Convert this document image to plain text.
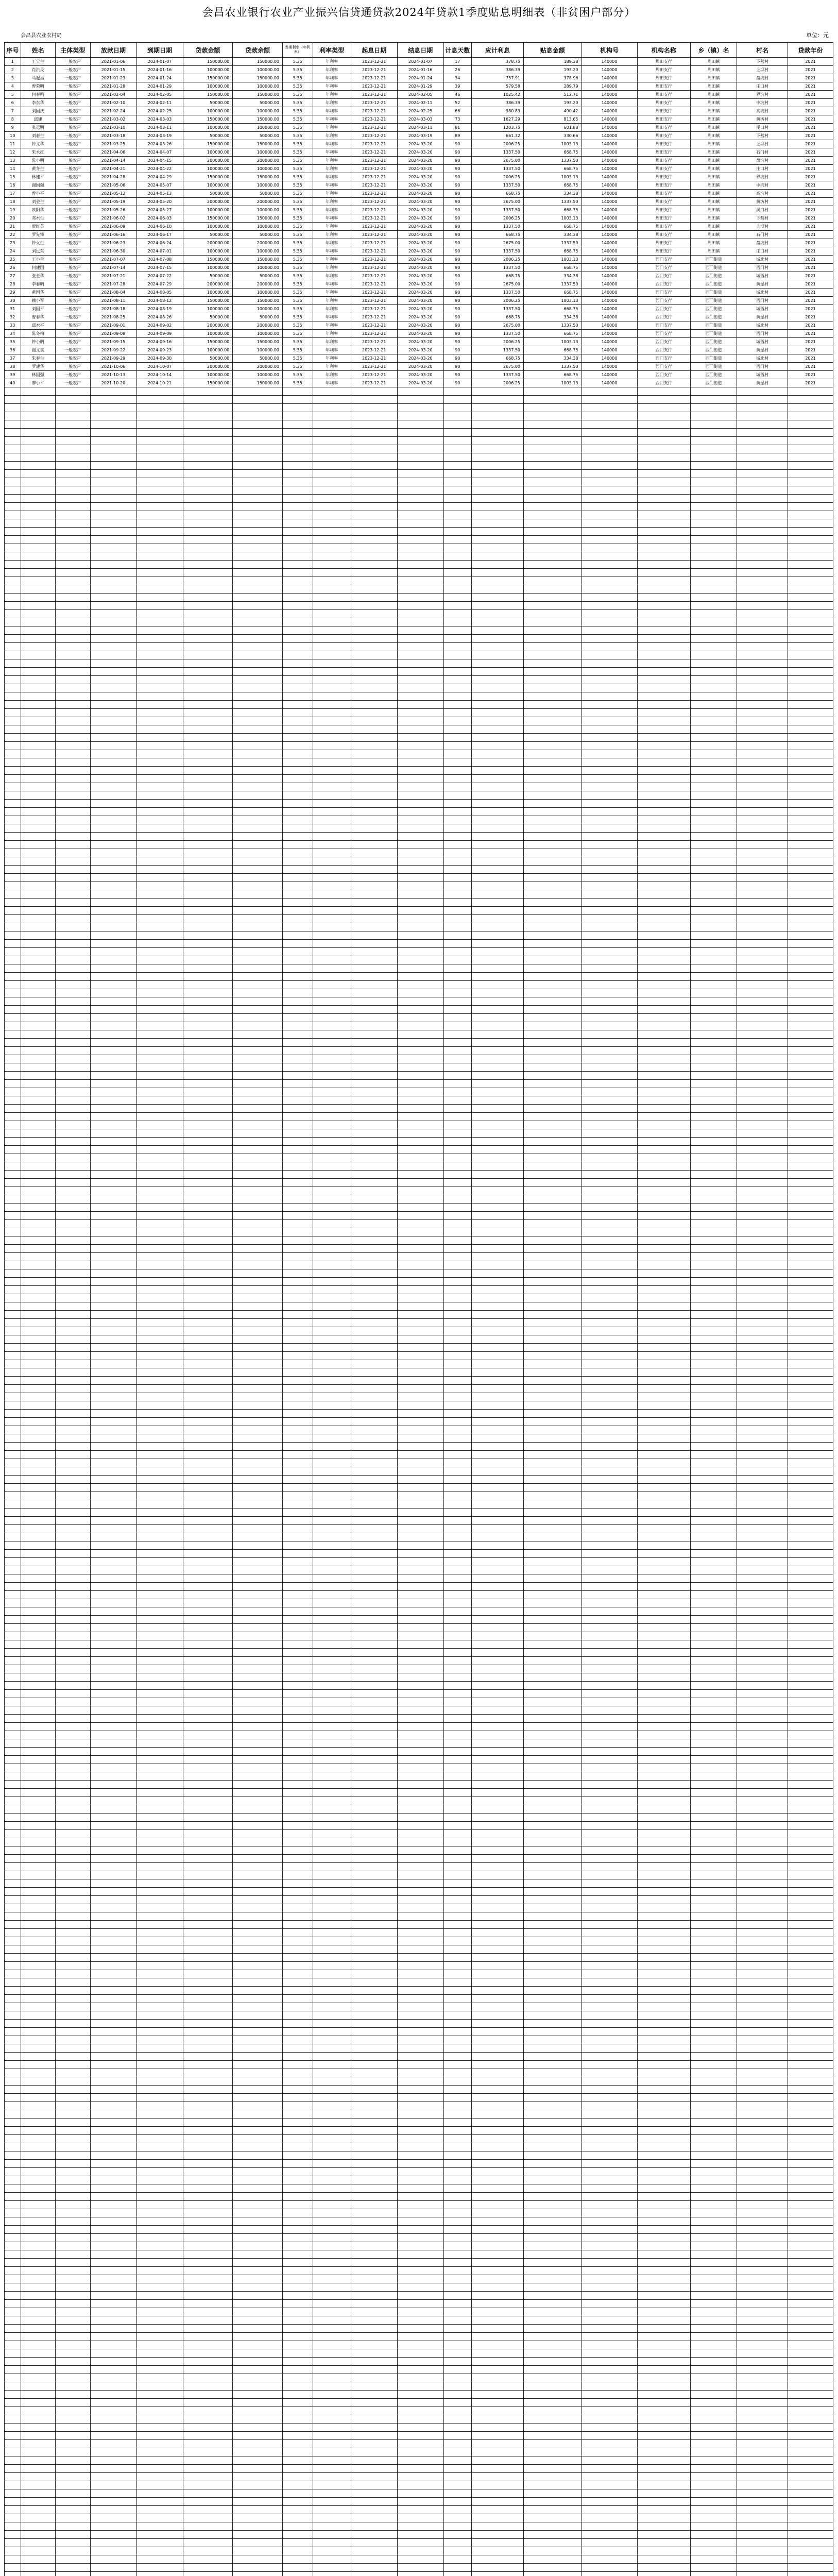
会昌农业银行农业产业振兴信贷通贷款2024年贷款1季度贴息明细表（非贫困户部分）
会昌县农业农村局	单位：元
序号	姓名	主体类型	放款日期	到期日期	贷款金额	贷款余额	当期利率（年利率）	利率类型	起息日期	结息日期	计息天数	应计利息	贴息金额	机构号	机构名称	乡（镇）名	村名	贷款年份
1	王宝生	一般农户	2021-01-06	2024-01-07	150000.00	150000.00	5.35	年利率	2023-12-21	2024-01-07	17	378.75	189.38	140000	周田支行	周田镇	下营村	2021
2	肖洪灵	一般农户	2021-01-15	2024-01-16	100000.00	100000.00	5.35	年利率	2023-12-21	2024-01-16	26	386.39	193.20	140000	周田支行	周田镇	上坝村	2021
3	马起昌	一般农户	2021-01-23	2024-01-24	150000.00	150000.00	5.35	年利率	2023-12-21	2024-01-24	34	757.91	378.96	140000	周田支行	周田镇	盘坑村	2021
4	曾荣明	一般农户	2021-01-28	2024-01-29	100000.00	100000.00	5.35	年利率	2023-12-21	2024-01-29	39	579.58	289.79	140000	周田支行	周田镇	庄口村	2021
5	何春鸣	一般农户	2021-02-04	2024-02-05	150000.00	150000.00	5.35	年利率	2023-12-21	2024-02-05	46	1025.42	512.71	140000	周田支行	周田镇	界坑村	2021
6	李东华	一般农户	2021-02-10	2024-02-11	50000.00	50000.00	5.35	年利率	2023-12-21	2024-02-11	52	386.39	193.20	140000	周田支行	周田镇	中坑村	2021
7	刘国庆	一般农户	2021-02-24	2024-02-25	100000.00	100000.00	5.35	年利率	2023-12-21	2024-02-25	66	980.83	490.42	140000	周田支行	周田镇	高坑村	2021
8	邱建	一般农户	2021-03-02	2024-03-03	150000.00	150000.00	5.35	年利率	2023-12-21	2024-03-03	73	1627.29	813.65	140000	周田支行	周田镇	黄坊村	2021
9	张远明	一般农户	2021-03-10	2024-03-11	100000.00	100000.00	5.35	年利率	2023-12-21	2024-03-11	81	1203.75	601.88	140000	周田支行	周田镇	溪口村	2021
10	刘春生	一般农户	2021-03-18	2024-03-19	50000.00	50000.00	5.35	年利率	2023-12-21	2024-03-19	89	661.32	330.66	140000	周田支行	周田镇	下营村	2021
11	钟文华	一般农户	2021-03-25	2024-03-26	150000.00	150000.00	5.35	年利率	2023-12-21	2024-03-20	90	2006.25	1003.13	140000	周田支行	周田镇	上坝村	2021
12	朱永红	一般农户	2021-04-06	2024-04-07	100000.00	100000.00	5.35	年利率	2023-12-21	2024-03-20	90	1337.50	668.75	140000	周田支行	周田镇	石门村	2021
13	陈小明	一般农户	2021-04-14	2024-04-15	200000.00	200000.00	5.35	年利率	2023-12-21	2024-03-20	90	2675.00	1337.50	140000	周田支行	周田镇	盘坑村	2021
14	黄冬生	一般农户	2021-04-21	2024-04-22	100000.00	100000.00	5.35	年利率	2023-12-21	2024-03-20	90	1337.50	668.75	140000	周田支行	周田镇	庄口村	2021
15	林建平	一般农户	2021-04-28	2024-04-29	150000.00	150000.00	5.35	年利率	2023-12-21	2024-03-20	90	2006.25	1003.13	140000	周田支行	周田镇	界坑村	2021
16	谢国强	一般农户	2021-05-06	2024-05-07	100000.00	100000.00	5.35	年利率	2023-12-21	2024-03-20	90	1337.50	668.75	140000	周田支行	周田镇	中坑村	2021
17	曾小平	一般农户	2021-05-12	2024-05-13	50000.00	50000.00	5.35	年利率	2023-12-21	2024-03-20	90	668.75	334.38	140000	周田支行	周田镇	高坑村	2021
18	刘金生	一般农户	2021-05-19	2024-05-20	200000.00	200000.00	5.35	年利率	2023-12-21	2024-03-20	90	2675.00	1337.50	140000	周田支行	周田镇	黄坊村	2021
19	欧阳华	一般农户	2021-05-26	2024-05-27	100000.00	100000.00	5.35	年利率	2023-12-21	2024-03-20	90	1337.50	668.75	140000	周田支行	周田镇	溪口村	2021
20	邓水生	一般农户	2021-06-02	2024-06-03	150000.00	150000.00	5.35	年利率	2023-12-21	2024-03-20	90	2006.25	1003.13	140000	周田支行	周田镇	下营村	2021
21	廖红英	一般农户	2021-06-09	2024-06-10	100000.00	100000.00	5.35	年利率	2023-12-21	2024-03-20	90	1337.50	668.75	140000	周田支行	周田镇	上坝村	2021
22	罗先锋	一般农户	2021-06-16	2024-06-17	50000.00	50000.00	5.35	年利率	2023-12-21	2024-03-20	90	668.75	334.38	140000	周田支行	周田镇	石门村	2021
23	钟火生	一般农户	2021-06-23	2024-06-24	200000.00	200000.00	5.35	年利率	2023-12-21	2024-03-20	90	2675.00	1337.50	140000	周田支行	周田镇	盘坑村	2021
24	刘远东	一般农户	2021-06-30	2024-07-01	100000.00	100000.00	5.35	年利率	2023-12-21	2024-03-20	90	1337.50	668.75	140000	周田支行	周田镇	庄口村	2021
25	王小兰	一般农户	2021-07-07	2024-07-08	150000.00	150000.00	5.35	年利率	2023-12-21	2024-03-20	90	2006.25	1003.13	140000	西门支行	西门街道	城北村	2021
26	何建国	一般农户	2021-07-14	2024-07-15	100000.00	100000.00	5.35	年利率	2023-12-21	2024-03-20	90	1337.50	668.75	140000	西门支行	西门街道	西门村	2021
27	张金华	一般农户	2021-07-21	2024-07-22	50000.00	50000.00	5.35	年利率	2023-12-21	2024-03-20	90	668.75	334.38	140000	西门支行	西门街道	城西村	2021
28	李春明	一般农户	2021-07-28	2024-07-29	200000.00	200000.00	5.35	年利率	2023-12-21	2024-03-20	90	2675.00	1337.50	140000	西门支行	西门街道	黄屋村	2021
29	黄国华	一般农户	2021-08-04	2024-08-05	100000.00	100000.00	5.35	年利率	2023-12-21	2024-03-20	90	1337.50	668.75	140000	西门支行	西门街道	城北村	2021
30	赖小军	一般农户	2021-08-11	2024-08-12	150000.00	150000.00	5.35	年利率	2023-12-21	2024-03-20	90	2006.25	1003.13	140000	西门支行	西门街道	西门村	2021
31	刘国平	一般农户	2021-08-18	2024-08-19	100000.00	100000.00	5.35	年利率	2023-12-21	2024-03-20	90	1337.50	668.75	140000	西门支行	西门街道	城西村	2021
32	曾春华	一般农户	2021-08-25	2024-08-26	50000.00	50000.00	5.35	年利率	2023-12-21	2024-03-20	90	668.75	334.38	140000	西门支行	西门街道	黄屋村	2021
33	邱水平	一般农户	2021-09-01	2024-09-02	200000.00	200000.00	5.35	年利率	2023-12-21	2024-03-20	90	2675.00	1337.50	140000	西门支行	西门街道	城北村	2021
34	陈冬梅	一般农户	2021-09-08	2024-09-09	100000.00	100000.00	5.35	年利率	2023-12-21	2024-03-20	90	1337.50	668.75	140000	西门支行	西门街道	西门村	2021
35	钟小明	一般农户	2021-09-15	2024-09-16	150000.00	150000.00	5.35	年利率	2023-12-21	2024-03-20	90	2006.25	1003.13	140000	西门支行	西门街道	城西村	2021
36	谢文斌	一般农户	2021-09-22	2024-09-23	100000.00	100000.00	5.35	年利率	2023-12-21	2024-03-20	90	1337.50	668.75	140000	西门支行	西门街道	黄屋村	2021
37	朱春生	一般农户	2021-09-29	2024-09-30	50000.00	50000.00	5.35	年利率	2023-12-21	2024-03-20	90	668.75	334.38	140000	西门支行	西门街道	城北村	2021
38	罗建华	一般农户	2021-10-06	2024-10-07	200000.00	200000.00	5.35	年利率	2023-12-21	2024-03-20	90	2675.00	1337.50	140000	西门支行	西门街道	西门村	2021
39	林国强	一般农户	2021-10-13	2024-10-14	100000.00	100000.00	5.35	年利率	2023-12-21	2024-03-20	90	1337.50	668.75	140000	西门支行	西门街道	城西村	2021
40	廖小平	一般农户	2021-10-20	2024-10-21	150000.00	150000.00	5.35	年利率	2023-12-21	2024-03-20	90	2006.25	1003.13	140000	西门支行	西门街道	黄屋村	2021
